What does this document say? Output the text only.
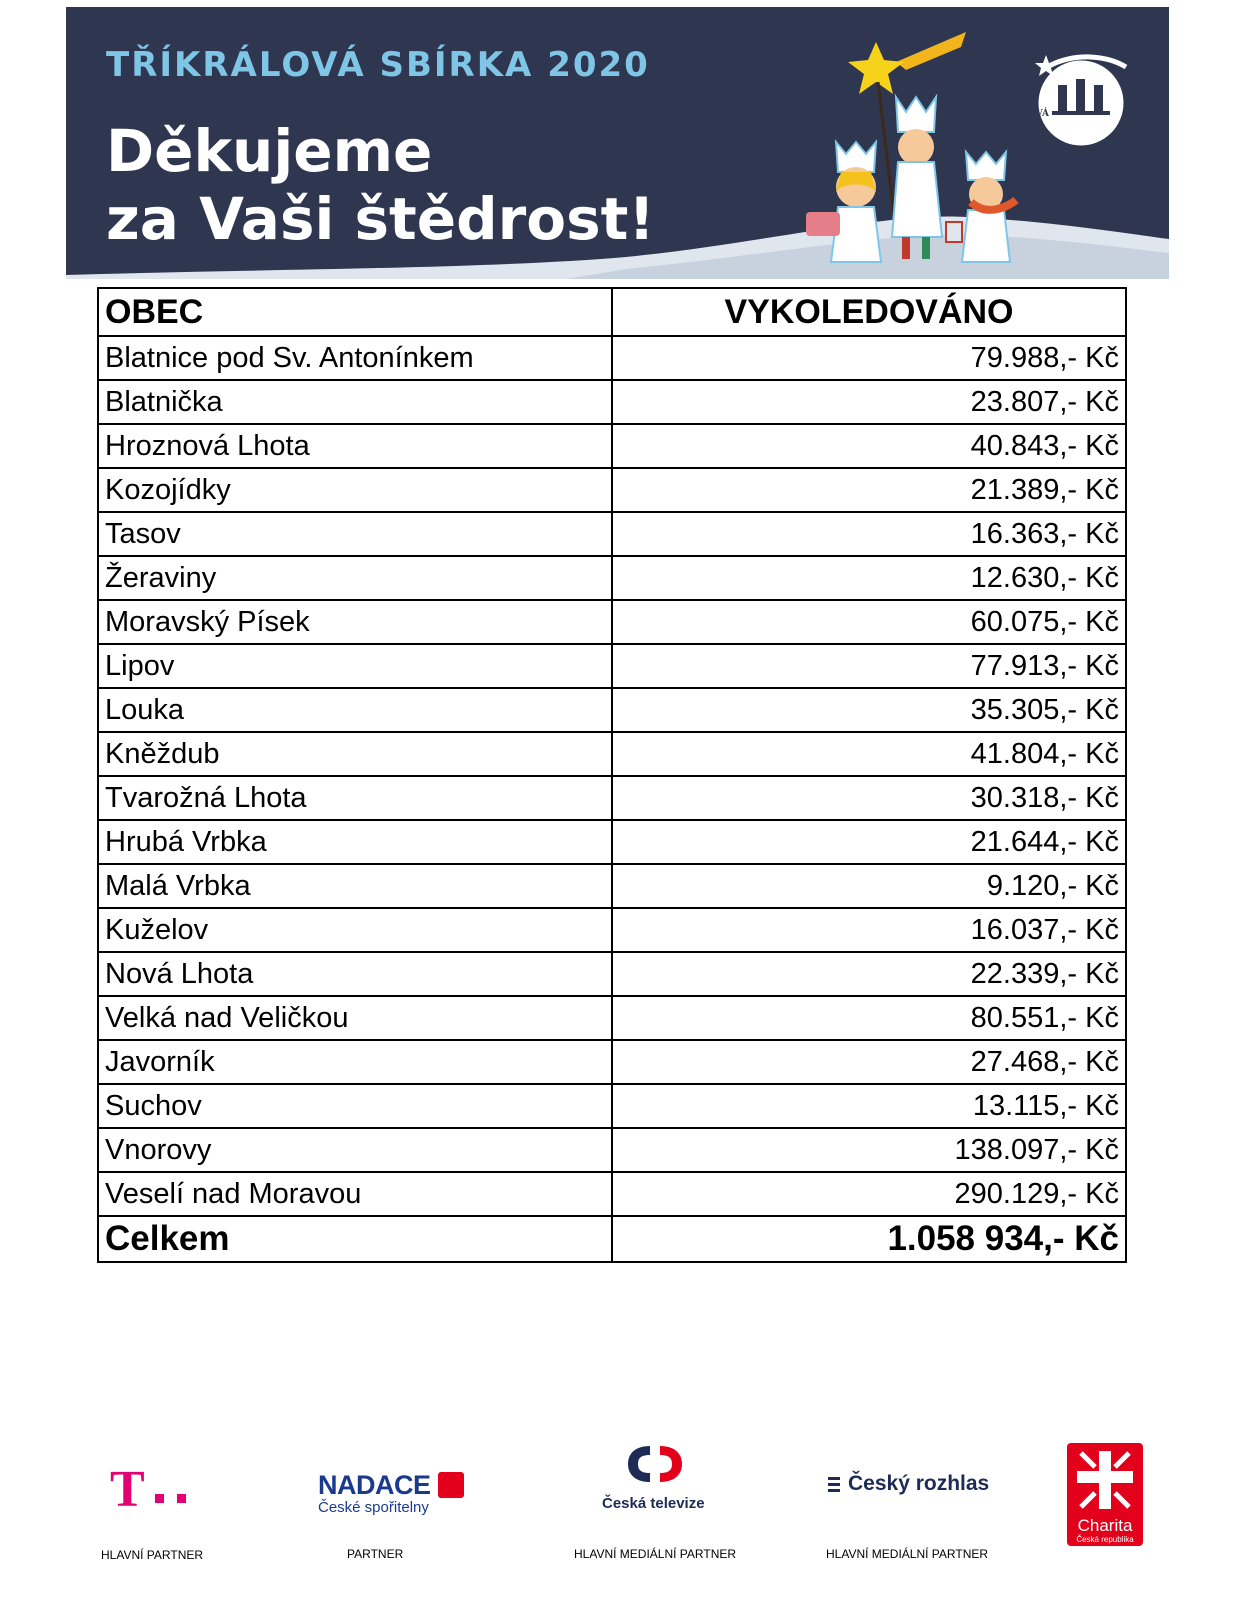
TŘÍKRÁLOVÁ SBÍRKA 2020

Děkujeme
za Vaši štědrost!

TŘÍKRÁLOVÁ
SBÍRKA
OBEC	VYKOLEDOVÁNO
Blatnice pod Sv. Antonínkem	79.988,- Kč
Blatnička	23.807,- Kč
Hroznová Lhota	40.843,- Kč
Kozojídky	21.389,- Kč
Tasov	16.363,- Kč
Žeraviny	12.630,- Kč
Moravský Písek	60.075,- Kč
Lipov	77.913,- Kč
Louka	35.305,- Kč
Kněždub	41.804,- Kč
Tvarožná Lhota	30.318,- Kč
Hrubá Vrbka	21.644,- Kč
Malá Vrbka	9.120,- Kč
Kuželov	16.037,- Kč
Nová Lhota	22.339,- Kč
Velká nad Veličkou	80.551,- Kč
Javorník	27.468,- Kč
Suchov	13.115,- Kč
Vnorovy	138.097,- Kč
Veselí nad Moravou	290.129,- Kč
Celkem	1.058 934,- Kč
T
HLAVNÍ PARTNER
NADACE
České spořitelny
PARTNER
Česká televize
HLAVNÍ MEDIÁLNÍ PARTNER
Český rozhlas
HLAVNÍ MEDIÁLNÍ PARTNER
Charita
Česká republika
